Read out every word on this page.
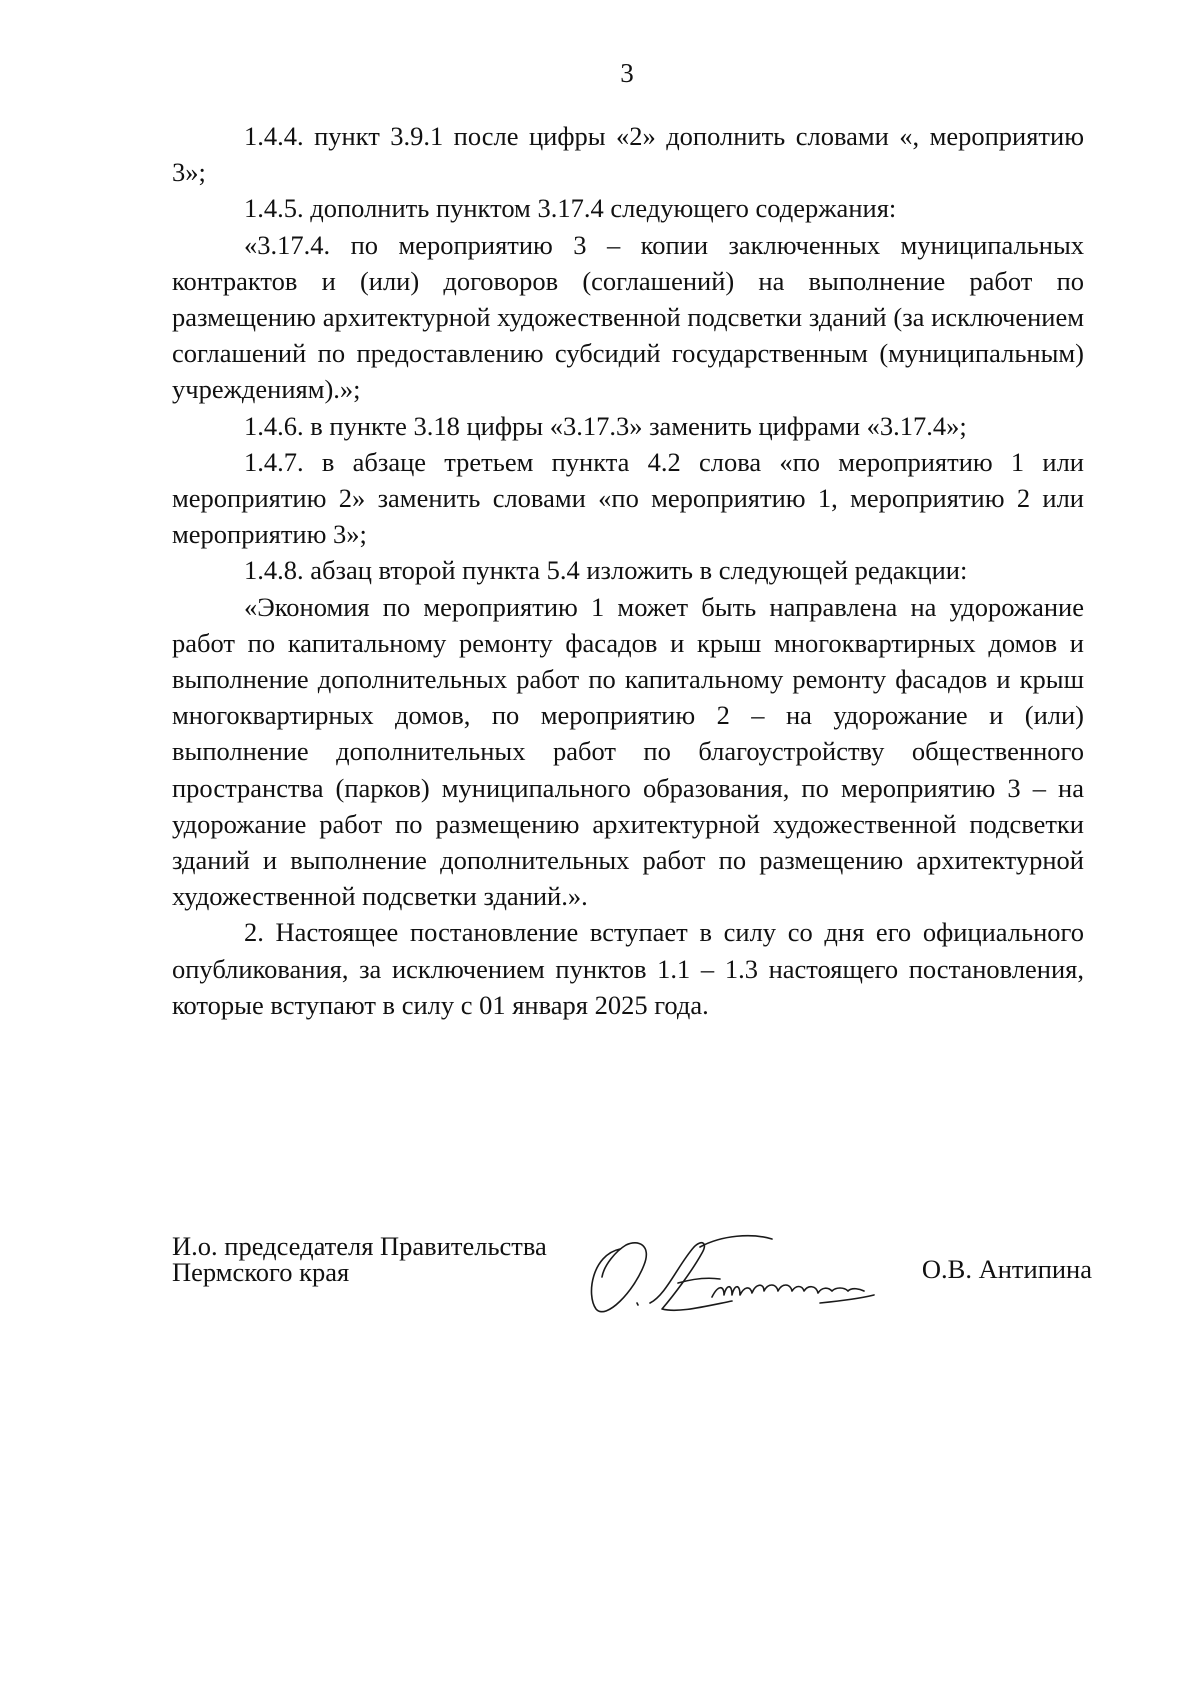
3

1.4.4. пункт 3.9.1 после цифры «2» дополнить словами «, мероприятию 3»;

1.4.5. дополнить пунктом 3.17.4 следующего содержания:

«3.17.4. по мероприятию 3 – копии заключенных муниципальных контрактов и (или) договоров (соглашений) на выполнение работ по размещению архитектурной художественной подсветки зданий (за исключением соглашений по предоставлению субсидий государственным (муниципальным) учреждениям).»;

1.4.6. в пункте 3.18 цифры «3.17.3» заменить цифрами «3.17.4»;

1.4.7. в абзаце третьем пункта 4.2 слова «по мероприятию 1 или мероприятию 2» заменить словами «по мероприятию 1, мероприятию 2 или мероприятию 3»;

1.4.8. абзац второй пункта 5.4 изложить в следующей редакции:

«Экономия по мероприятию 1 может быть направлена на удорожание работ по капитальному ремонту фасадов и крыш многоквартирных домов и выполнение дополнительных работ по капитальному ремонту фасадов и крыш многоквартирных домов, по мероприятию 2 – на удорожание и (или) выполнение дополнительных работ по благоустройству общественного пространства (парков) муниципального образования, по мероприятию 3 – на удорожание работ по размещению архитектурной художественной подсветки зданий и выполнение дополнительных работ по размещению архитектурной художественной подсветки зданий.».

2. Настоящее постановление вступает в силу со дня его официального опубликования, за исключением пунктов 1.1 – 1.3 настоящего постановления, которые вступают в силу с 01 января 2025 года.

И.о. председателя Правительства
Пермского края	О.В. Антипина
